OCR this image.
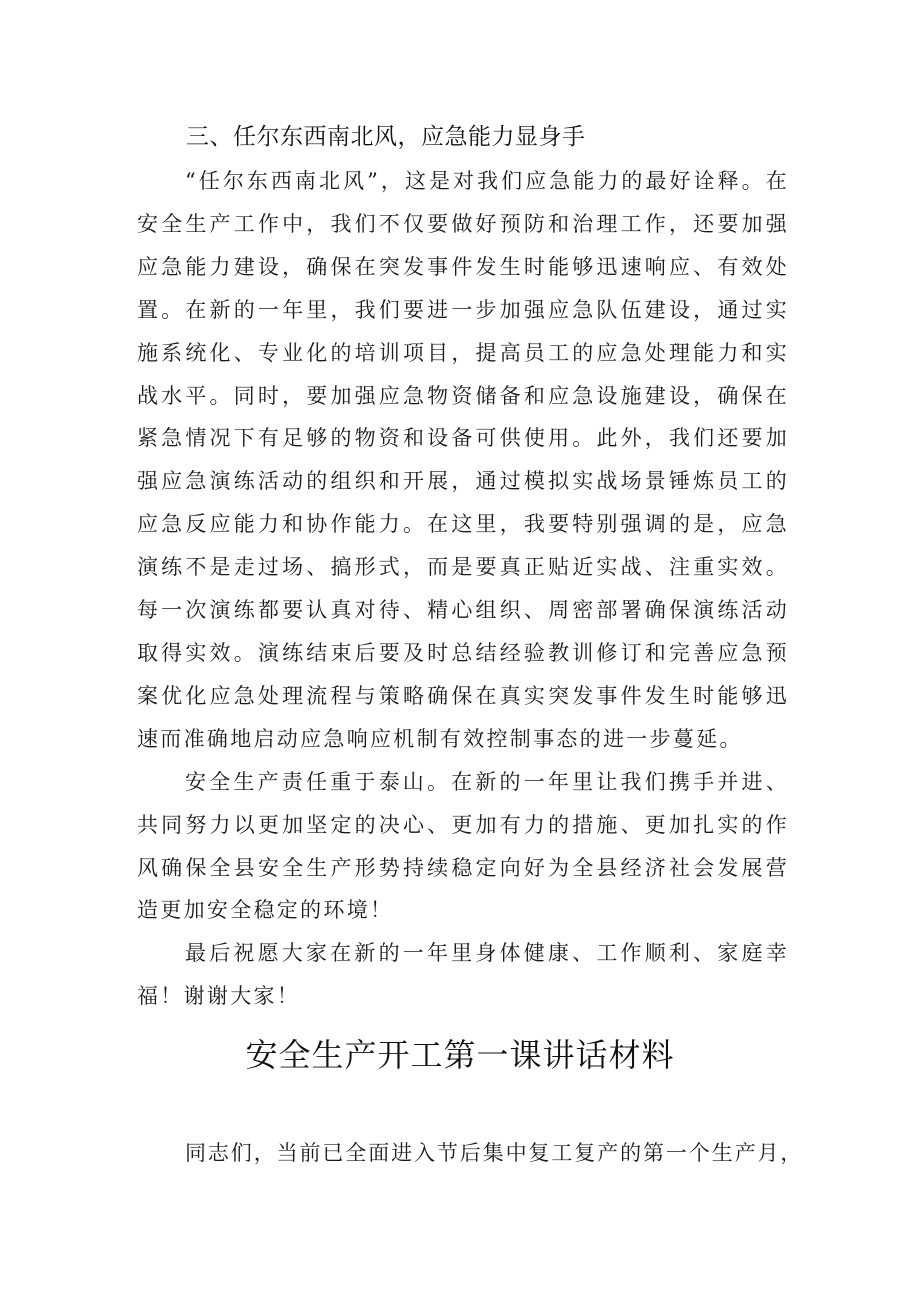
三、任尔东西南北风，应急能力显身手

“任尔东西南北风”，这是对我们应急能力的最好诠释。在安全生产工作中，我们不仅要做好预防和治理工作，还要加强应急能力建设，确保在突发事件发生时能够迅速响应、有效处置。在新的一年里，我们要进一步加强应急队伍建设，通过实施系统化、专业化的培训项目，提高员工的应急处理能力和实战水平。同时，要加强应急物资储备和应急设施建设，确保在紧急情况下有足够的物资和设备可供使用。此外，我们还要加强应急演练活动的组织和开展，通过模拟实战场景锤炼员工的应急反应能力和协作能力。在这里，我要特别强调的是，应急演练不是走过场、搞形式，而是要真正贴近实战、注重实效。每一次演练都要认真对待、精心组织、周密部署确保演练活动取得实效。演练结束后要及时总结经验教训修订和完善应急预案优化应急处理流程与策略确保在真实突发事件发生时能够迅速而准确地启动应急响应机制有效控制事态的进一步蔓延。

安全生产责任重于泰山。在新的一年里让我们携手并进、共同努力以更加坚定的决心、更加有力的措施、更加扎实的作风确保全县安全生产形势持续稳定向好为全县经济社会发展营造更加安全稳定的环境！

最后祝愿大家在新的一年里身体健康、工作顺利、家庭幸福！谢谢大家！

安全生产开工第一课讲话材料

同志们，当前已全面进入节后集中复工复产的第一个生产月，
